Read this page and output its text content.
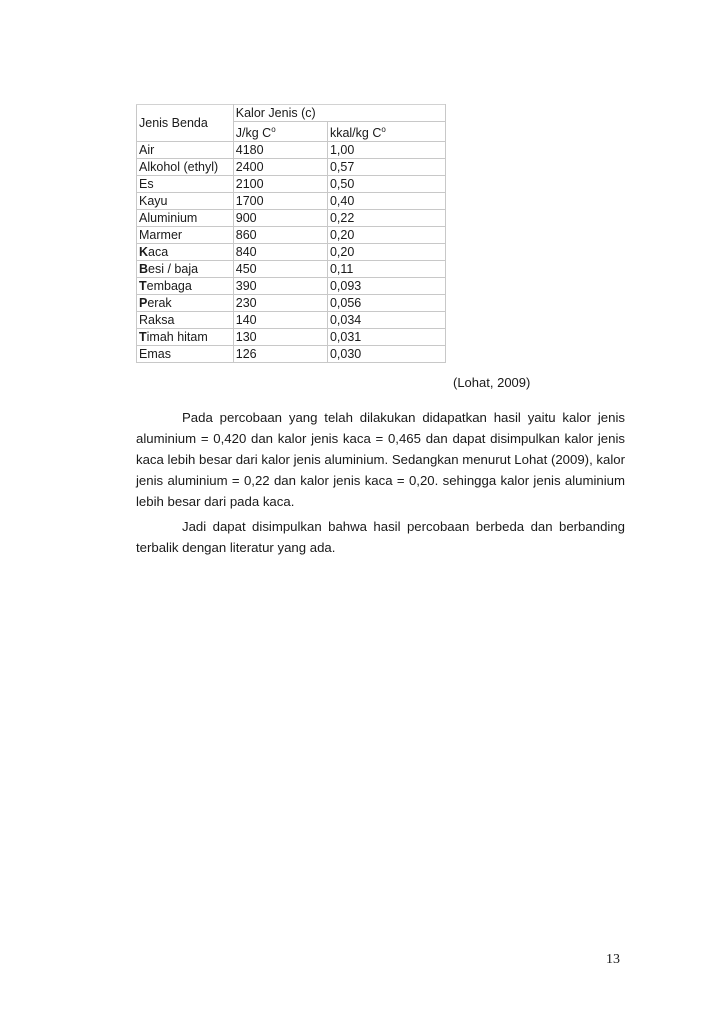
Jenis Benda	Kalor Jenis (c)	
	J/kg $C^o$	kkal/kg $C^o$
Air	4180	1,00
Alkohol (ethyl)	2400	0,57
Es	2100	0,50
Kayu	1700	0,40
Aluminium	900	0,22
Marmer	860	0,20
Kaca	840	0,20
Besi / baja	450	0,11
Tembaga	390	0,093
Perak	230	0,056
Raksa	140	0,034
Timah hitam	130	0,031
Emas	126	0,030
(Lohat, 2009)

Pada percobaan yang telah dilakukan didapatkan hasil yaitu kalor jenis aluminium = 0,420 dan kalor jenis kaca = 0,465 dan dapat disimpulkan kalor jenis kaca lebih besar dari kalor jenis aluminium. Sedangkan menurut Lohat (2009), kalor jenis aluminium = 0,22 dan kalor jenis kaca = 0,20. sehingga kalor jenis aluminium lebih besar dari pada kaca.

Jadi dapat disimpulkan bahwa hasil percobaan berbeda dan berbanding terbalik dengan literatur yang ada.

13
